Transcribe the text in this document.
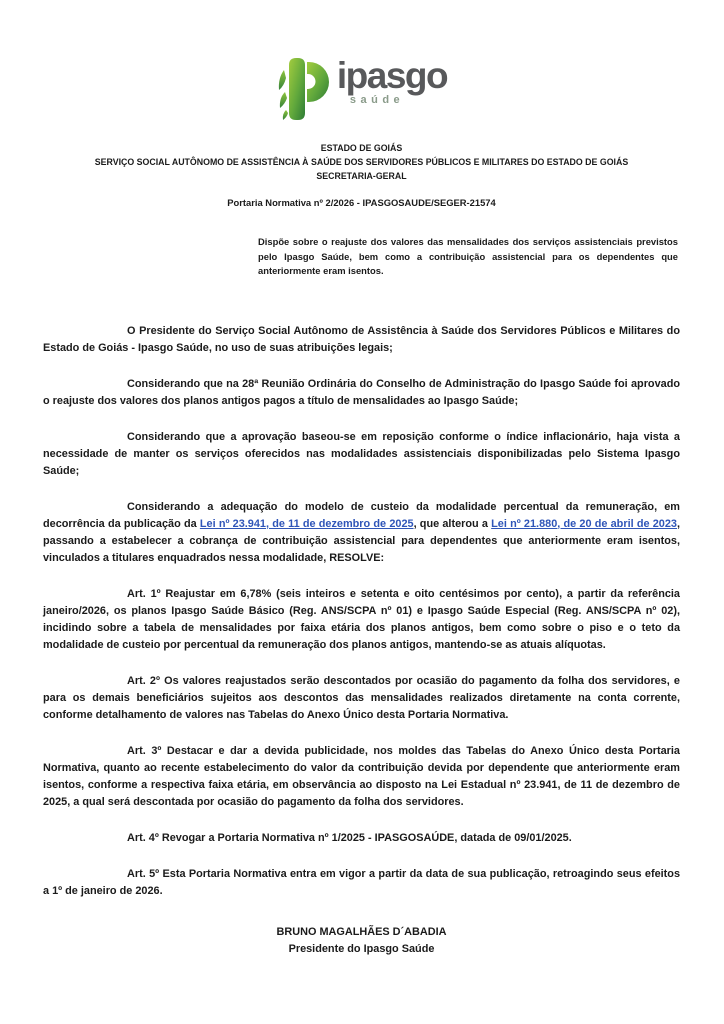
ipasgo
saúde
ESTADO DE GOIÁS
SERVIÇO SOCIAL AUTÔNOMO DE ASSISTÊNCIA À SAÚDE DOS SERVIDORES PÚBLICOS E MILITARES DO ESTADO DE GOIÁS
SECRETARIA-GERAL
Portaria Normativa nº 2/2026 - IPASGOSAUDE/SEGER-21574
Dispõe sobre o reajuste dos valores das mensalidades dos serviços assistenciais previstos pelo Ipasgo Saúde, bem como a contribuição assistencial para os dependentes que anteriormente eram isentos.

O Presidente do Serviço Social Autônomo de Assistência à Saúde dos Servidores Públicos e Militares do Estado de Goiás - Ipasgo Saúde, no uso de suas atribuições legais;

Considerando que na 28ª Reunião Ordinária do Conselho de Administração do Ipasgo Saúde foi aprovado o reajuste dos valores dos planos antigos pagos a título de mensalidades ao Ipasgo Saúde;

Considerando que a aprovação baseou-se em reposição conforme o índice inflacionário, haja vista a necessidade de manter os serviços oferecidos nas modalidades assistenciais disponibilizadas pelo Sistema Ipasgo Saúde;

Considerando a adequação do modelo de custeio da modalidade percentual da remuneração, em decorrência da publicação da Lei nº 23.941, de 11 de dezembro de 2025, que alterou a Lei nº 21.880, de 20 de abril de 2023, passando a estabelecer a cobrança de contribuição assistencial para dependentes que anteriormente eram isentos, vinculados a titulares enquadrados nessa modalidade, RESOLVE:

Art. 1º Reajustar em 6,78% (seis inteiros e setenta e oito centésimos por cento), a partir da referência janeiro/2026, os planos Ipasgo Saúde Básico (Reg. ANS/SCPA nº 01) e Ipasgo Saúde Especial (Reg. ANS/SCPA nº 02), incidindo sobre a tabela de mensalidades por faixa etária dos planos antigos, bem como sobre o piso e o teto da modalidade de custeio por percentual da remuneração dos planos antigos, mantendo-se as atuais alíquotas.

Art. 2º Os valores reajustados serão descontados por ocasião do pagamento da folha dos servidores, e para os demais beneficiários sujeitos aos descontos das mensalidades realizados diretamente na conta corrente, conforme detalhamento de valores nas Tabelas do Anexo Único desta Portaria Normativa.

Art. 3º Destacar e dar a devida publicidade, nos moldes das Tabelas do Anexo Único desta Portaria Normativa, quanto ao recente estabelecimento do valor da contribuição devida por dependente que anteriormente eram isentos, conforme a respectiva faixa etária, em observância ao disposto na Lei Estadual nº 23.941, de 11 de dezembro de 2025, a qual será descontada por ocasião do pagamento da folha dos servidores.

Art. 4º Revogar a Portaria Normativa nº 1/2025 - IPASGOSAÚDE, datada de 09/01/2025.

Art. 5º Esta Portaria Normativa entra em vigor a partir da data de sua publicação, retroagindo seus efeitos a 1º de janeiro de 2026.

BRUNO MAGALHÃES D´ABADIA
Presidente do Ipasgo Saúde
